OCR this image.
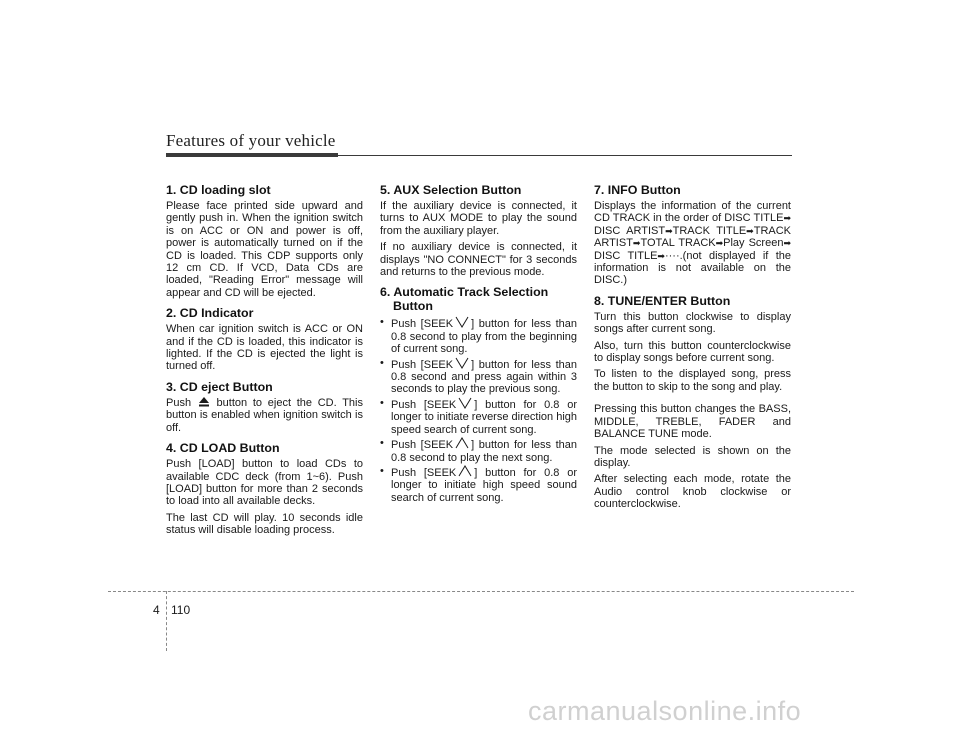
Features of your vehicle
1. CD loading slot

Please face printed side upward and gently push in. When the ignition switch is on ACC or ON and power is off, power is automatically turned on if the CD is loaded. This CDP supports only 12 cm CD. If VCD, Data CDs are loaded, "Reading Error" message will appear and CD will be ejected.

2. CD Indicator

When car ignition switch is ACC or ON and if the CD is loaded, this indicator is lighted. If the CD is ejected the light is turned off.

3. CD eject Button

Push button to eject the CD. This button is enabled when ignition switch is off.

4. CD LOAD Button

Push [LOAD] button to load CDs to available CDC deck (from 1~6). Push [LOAD] button for more than 2 seconds to load into all available decks.

The last CD will play. 10 seconds idle status will disable loading process.

5. AUX Selection Button

If the auxiliary device is connected, it turns to AUX MODE to play the sound from the auxiliary player.

If no auxiliary device is connected, it displays "NO CONNECT" for 3 seconds and returns to the previous mode.

6. Automatic Track Selection Button
• Push [SEEK ] button for less than 0.8 second to play from the beginning of current song.
• Push [SEEK ] button for less than 0.8 second and press again within 3 seconds to play the previous song.
• Push [SEEK ] button for 0.8 or longer to initiate reverse direction high speed search of current song.
• Push [SEEK ] button for less than 0.8 second to play the next song.
• Push [SEEK ] button for 0.8 or longer to initiate high speed sound search of current song.
7. INFO Button

Displays the information of the current CD TRACK in the order of DISC TITLE➡DISC ARTIST➡TRACK TITLE➡TRACK ARTIST➡TOTAL TRACK➡Play Screen➡DISC TITLE➡····.(not displayed if the information is not available on the DISC.)

8. TUNE/ENTER Button

Turn this button clockwise to display songs after current song.

Also, turn this button counterclockwise to display songs before current song.

To listen to the displayed song, press the button to skip to the song and play.

Pressing this button changes the BASS, MIDDLE, TREBLE, FADER and BALANCE TUNE mode.

The mode selected is shown on the display.

After selecting each mode, rotate the Audio control knob clockwise or counterclockwise.

4 110
carmanualsonline.info
